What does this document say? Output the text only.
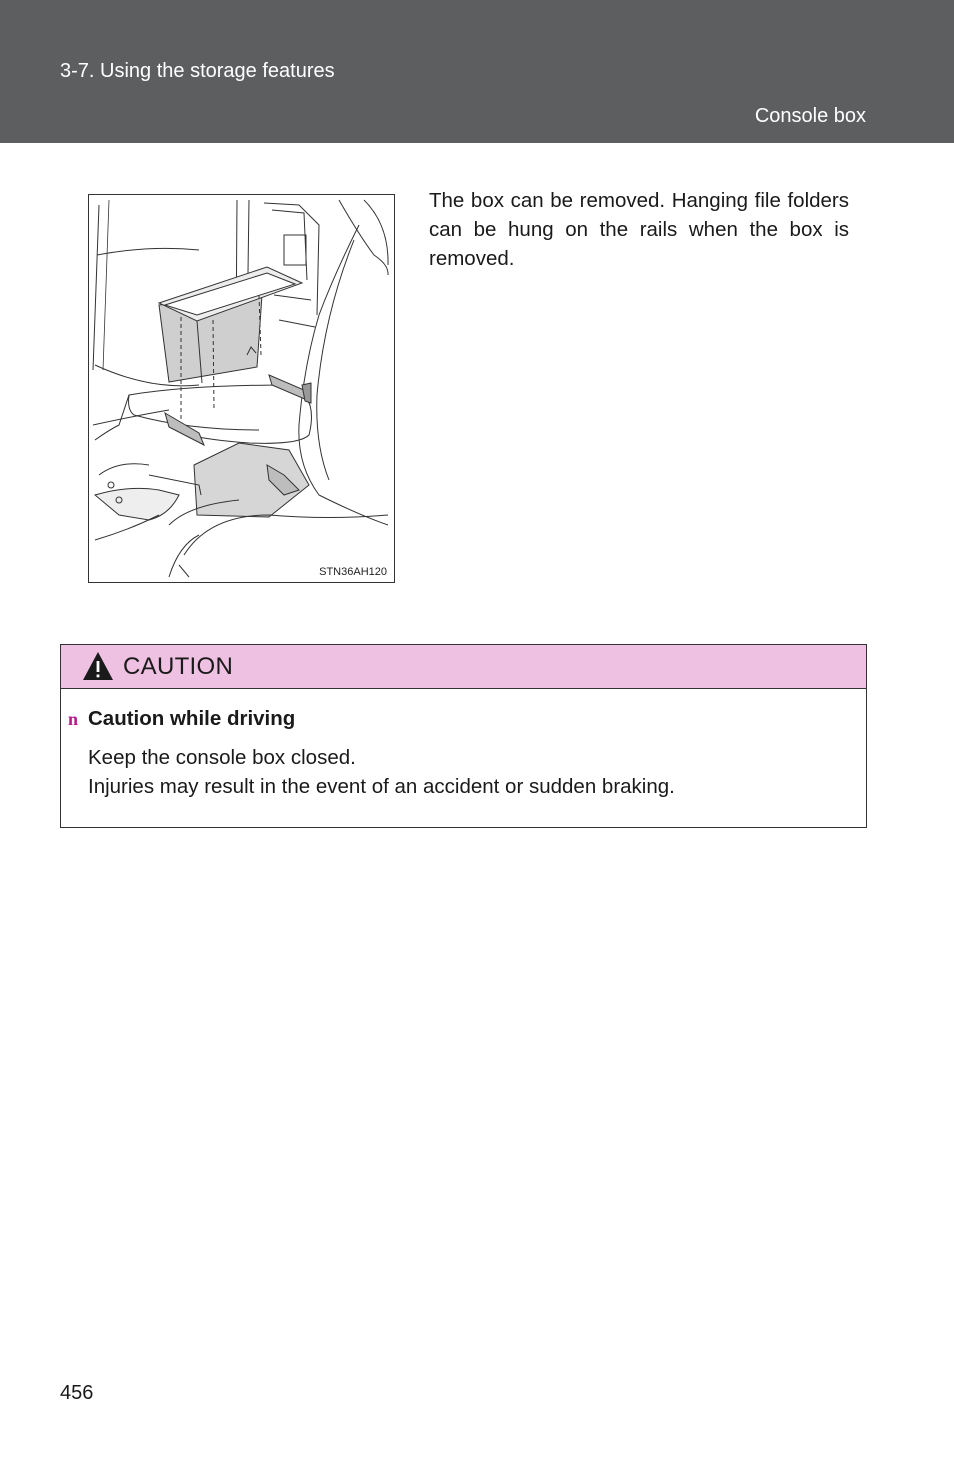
3-7. Using the storage features
Console box
STN36AH120
The box can be removed. Hanging file folders can be hung on the rails when the box is removed.
CAUTION
n Caution while driving
Keep the console box closed.
Injuries may result in the event of an accident or sudden braking.
456
